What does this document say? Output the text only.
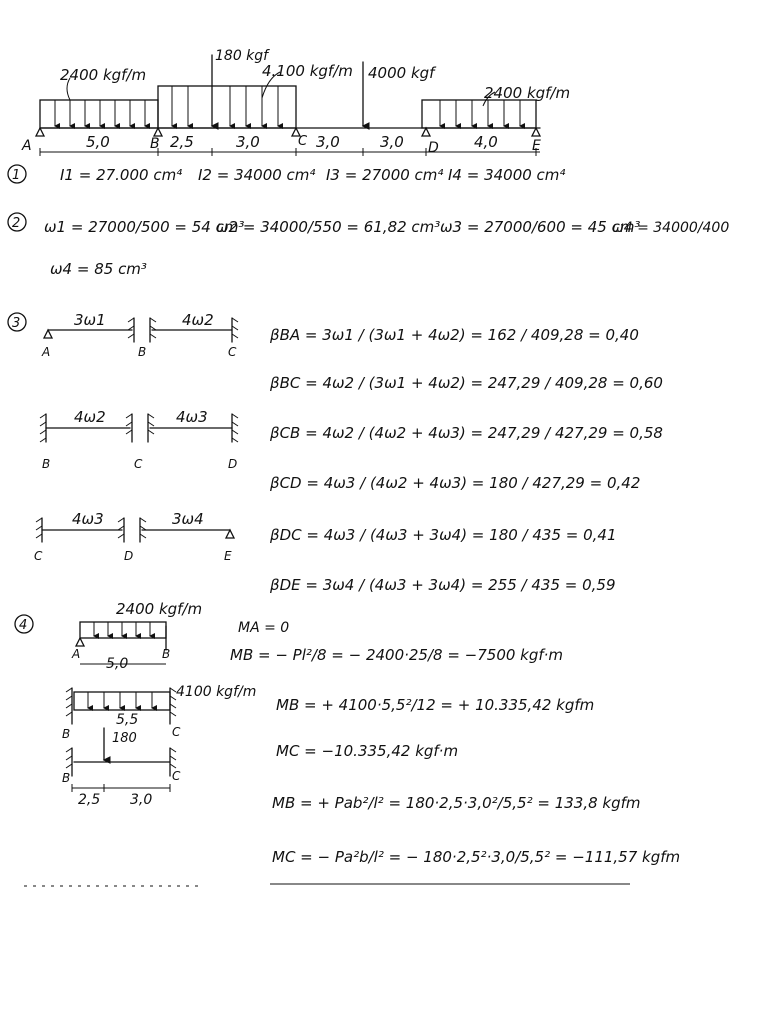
2400 kgf/m
180 kgf
4.100 kgf/m 4000 kgf
2400 kgf/m
A	B	C	D	E
5,0	2,5	3,0	3,0	3,0	4,0
1	I1 = 27.000 cm⁴ I2 = 34000 cm⁴ I3 = 27000 cm⁴ I4 = 34000 cm⁴
2 ω1 = 27000/500 = 54 cm³
ω2 = 34000/550 = 61,82 cm³ ω3 = 27000/600 = 45 cm³
ω4 = 34000/400
ω4 = 85 cm³
3	3ω1	4ω2
A	B	C
4ω2	4ω3
B	C	D
4ω3	3ω4
C	D	E
βBA = 3ω1 / (3ω1 + 4ω2) = 162 / 409,28 = 0,40
βBC = 4ω2 / (3ω1 + 4ω2) = 247,29 / 409,28 = 0,60
βCB = 4ω2 / (4ω2 + 4ω3) = 247,29 / 427,29 = 0,58
βCD = 4ω3 / (4ω2 + 4ω3) = 180 / 427,29 = 0,42
βDC = 4ω3 / (4ω3 + 3ω4) = 180 / 435 = 0,41
βDE = 3ω4 / (4ω3 + 3ω4) = 255 / 435 = 0,59
4
2400 kgf/m
A	B
5,0
4100 kgf/m
5,5
B	C
180
B	C
2,5 3,0
MA = 0
MB = − Pl²/8 = − 2400·25/8 = −7500 kgf·m
MB = + 4100·5,5²/12 = + 10.335,42 kgfm
MC = −10.335,42 kgf·m
MB = + Pab²/l² = 180·2,5·3,0²/5,5² = 133,8 kgfm
MC = − Pa²b/l² = − 180·2,5²·3,0/5,5² = −111,57 kgfm
